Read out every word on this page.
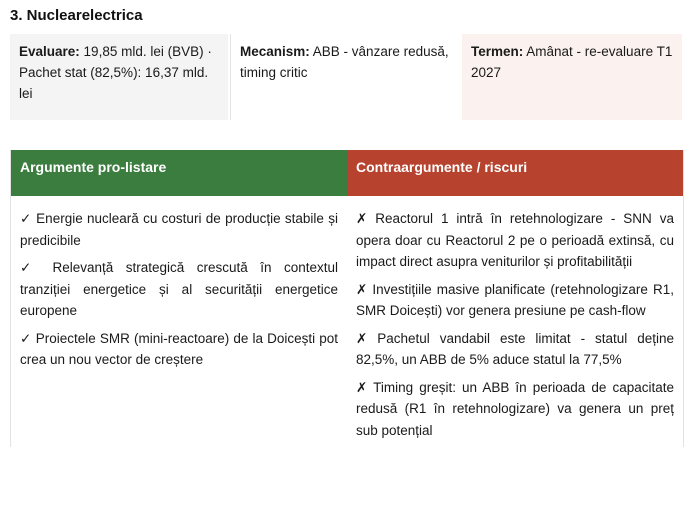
3. Nuclearelectrica
Evaluare: 19,85 mld. lei (BVB) · Pachet stat (82,5%): 16,37 mld. lei
Mecanism: ABB - vânzare redusă, timing critic
Termen: Amânat - re-evaluare T1 2027
Argumente pro-listare	Contraargumente / riscuri

✓ Energie nucleară cu costuri de producție stabile și predicibile

✓ Relevanță strategică crescută în contextul tranziției energetice și al securității energetice europene

✓ Proiectele SMR (mini-reactoare) de la Doicești pot crea un nou vector de creștere

✗ Reactorul 1 intră în retehnologizare - SNN va opera doar cu Reactorul 2 pe o perioadă extinsă, cu impact direct asupra veniturilor și profitabilității

✗ Investițiile masive planificate (retehnologizare R1, SMR Doicești) vor genera presiune pe cash-flow

✗ Pachetul vandabil este limitat - statul deține 82,5%, un ABB de 5% aduce statul la 77,5%

✗ Timing greșit: un ABB în perioada de capacitate redusă (R1 în retehnologizare) va genera un preț sub potențial
